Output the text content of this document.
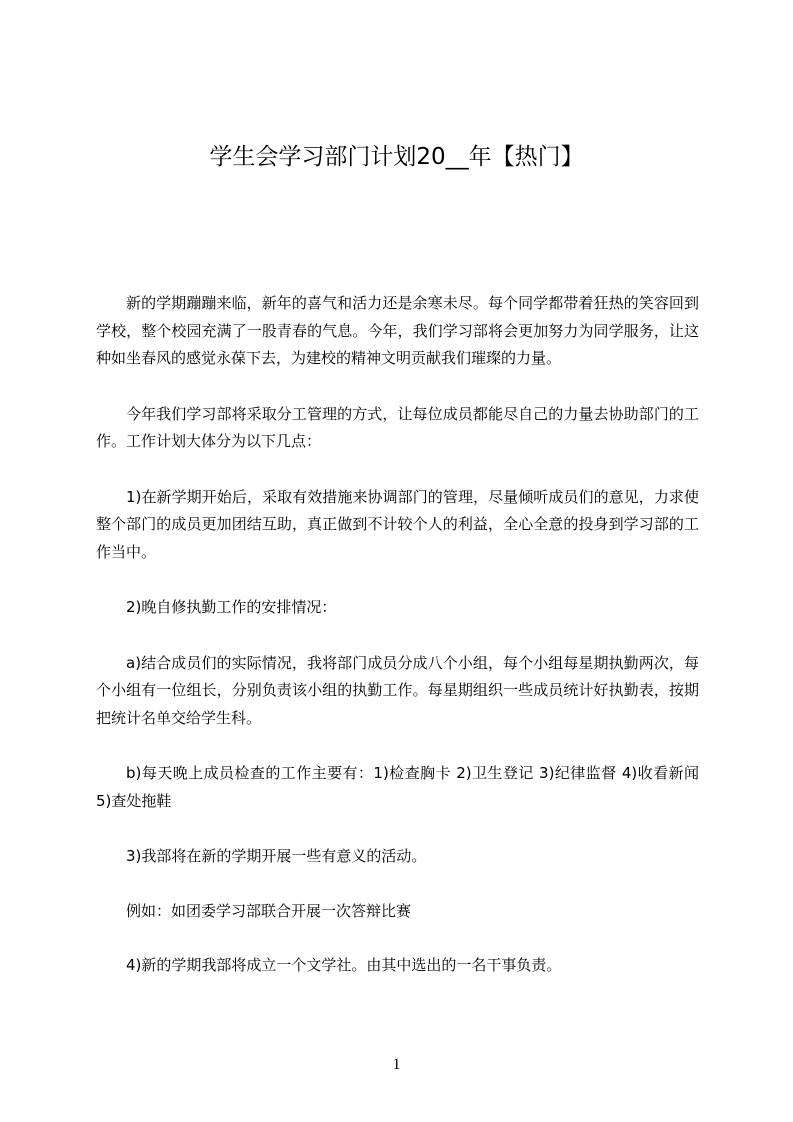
学生会学习部门计划20__年【热门】

新的学期蹦蹦来临，新年的喜气和活力还是余寒未尽。每个同学都带着狂热的笑容回到学校，整个校园充满了一股青春的气息。今年，我们学习部将会更加努力为同学服务，让这种如坐春风的感觉永葆下去，为建校的精神文明贡献我们璀璨的力量。

今年我们学习部将采取分工管理的方式，让每位成员都能尽自己的力量去协助部门的工作。工作计划大体分为以下几点：

1)在新学期开始后，采取有效措施来协调部门的管理，尽量倾听成员们的意见，力求使整个部门的成员更加团结互助，真正做到不计较个人的利益，全心全意的投身到学习部的工作当中。

2)晚自修执勤工作的安排情况：

a)结合成员们的实际情况，我将部门成员分成八个小组，每个小组每星期执勤两次，每个小组有一位组长，分别负责该小组的执勤工作。每星期组织一些成员统计好执勤表，按期把统计名单交给学生科。

b)每天晚上成员检查的工作主要有：1)检查胸卡 2)卫生登记 3)纪律监督 4)收看新闻 5)查处拖鞋

3)我部将在新的学期开展一些有意义的活动。

例如：如团委学习部联合开展一次答辩比赛

4)新的学期我部将成立一个文学社。由其中选出的一名干事负责。

1
